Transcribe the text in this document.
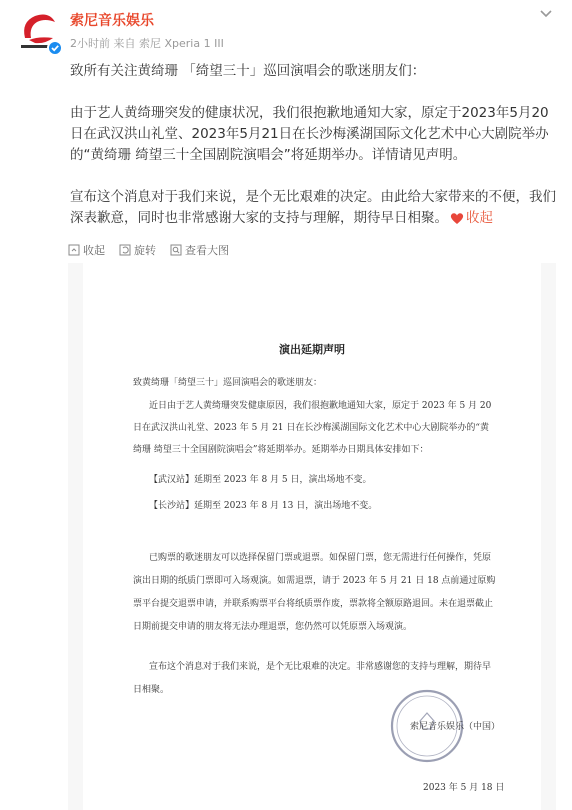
索尼音乐娱乐
2小时前 来自 索尼 Xperia 1 III

致所有关注黄绮珊 「绮望三十」巡回演唱会的歌迷朋友们：

由于艺人黄绮珊突发的健康状况，我们很抱歉地通知大家，原定于2023年5月20日在武汉洪山礼堂、2023年5月21日在长沙梅溪湖国际文化艺术中心大剧院举办的“黄绮珊 绮望三十全国剧院演唱会”将延期举办。详情请见声明。

宣布这个消息对于我们来说，是个无比艰难的决定。由此给大家带来的不便，我们深表歉意，同时也非常感谢大家的支持与理解，期待早日相聚。 收起

收起	旋转	查看大图
演出延期声明
致黄绮珊「绮望三十」巡回演唱会的歌迷朋友：
近日由于艺人黄绮珊突发健康原因，我们很抱歉地通知大家，原定于 2023 年 5 月 20
日在武汉洪山礼堂、2023 年 5 月 21 日在长沙梅溪湖国际文化艺术中心大剧院举办的“黄
绮珊 绮望三十全国剧院演唱会”将延期举办。延期举办日期具体安排如下：
【武汉站】延期至 2023 年 8 月 5 日，演出场地不变。
【长沙站】延期至 2023 年 8 月 13 日，演出场地不变。
已购票的歌迷朋友可以选择保留门票或退票。如保留门票，您无需进行任何操作，凭原
演出日期的纸质门票即可入场观演。如需退票，请于 2023 年 5 月 21 日 18 点前通过原购
票平台提交退票申请，并联系购票平台将纸质票作废，票款将全额原路退回。未在退票截止
日期前提交申请的朋友将无法办理退票，您仍然可以凭原票入场观演。
宣布这个消息对于我们来说，是个无比艰难的决定。非常感谢您的支持与理解，期待早
日相聚。
索尼音乐娱乐（中国）
2023 年 5 月 18 日
